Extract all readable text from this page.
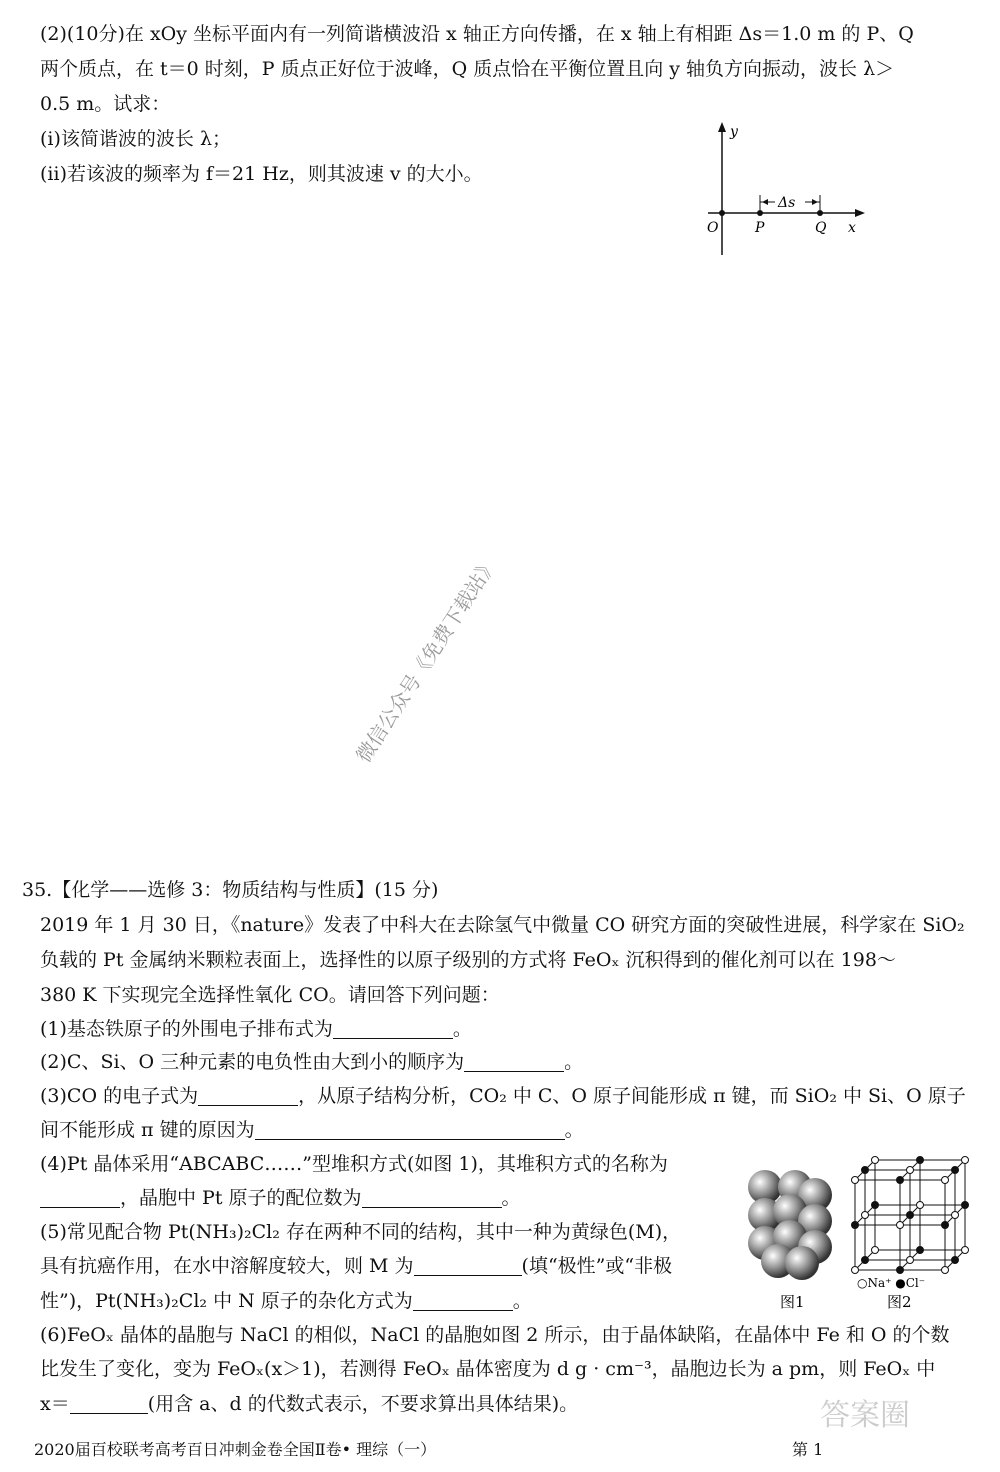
(2)(10分)在 xOy 坐标平面内有一列简谐横波沿 x 轴正方向传播，在 x 轴上有相距 Δs＝1.0 m 的 P、Q
两个质点，在 t＝0 时刻，P 质点正好位于波峰，Q 质点恰在平衡位置且向 y 轴负方向振动，波长 λ＞
0.5 m。试求：
(ⅰ)该简谐波的波长 λ；
(ⅱ)若该波的频率为 f＝21 Hz，则其波速 v 的大小。
Δs
y
x
O	P	Q
微信公众号《免费下载站》
35.【化学——选修 3：物质结构与性质】(15 分)
2019 年 1 月 30 日，《nature》发表了中科大在去除氢气中微量 CO 研究方面的突破性进展，科学家在 SiO₂
负载的 Pt 金属纳米颗粒表面上，选择性的以原子级别的方式将 FeOₓ 沉积得到的催化剂可以在 198～
380 K 下实现完全选择性氧化 CO。请回答下列问题：
(1)基态铁原子的外围电子排布式为	。
(2)C、Si、O 三种元素的电负性由大到小的顺序为	。
(3)CO 的电子式为	，从原子结构分析，CO₂ 中 C、O 原子间能形成 π 键，而 SiO₂ 中 Si、O 原子
间不能形成 π 键的原因为	。
(4)Pt 晶体采用“ABCABC……”型堆积方式(如图 1)，其堆积方式的名称为
，晶胞中 Pt 原子的配位数为	。
(5)常见配合物 Pt(NH₃)₂Cl₂ 存在两种不同的结构，其中一种为黄绿色(M)，
具有抗癌作用，在水中溶解度较大，则 M 为	(填“极性”或“非极
性”)，Pt(NH₃)₂Cl₂ 中 N 原子的杂化方式为	。
(6)FeOₓ 晶体的晶胞与 NaCl 的相似，NaCl 的晶胞如图 2 所示，由于晶体缺陷，在晶体中 Fe 和 O 的个数
比发生了变化，变为 FeOₓ(x＞1)，若测得 FeOₓ 晶体密度为 d g · cm⁻³，晶胞边长为 a pm，则 FeOₓ 中
x＝	(用含 a、d 的代数式表示，不要求算出具体结果)。
图1
○Na⁺ ●Cl⁻
图2
2020届百校联考高考百日冲刺金卷全国Ⅱ卷• 理综（一）	第 1
答案圈
